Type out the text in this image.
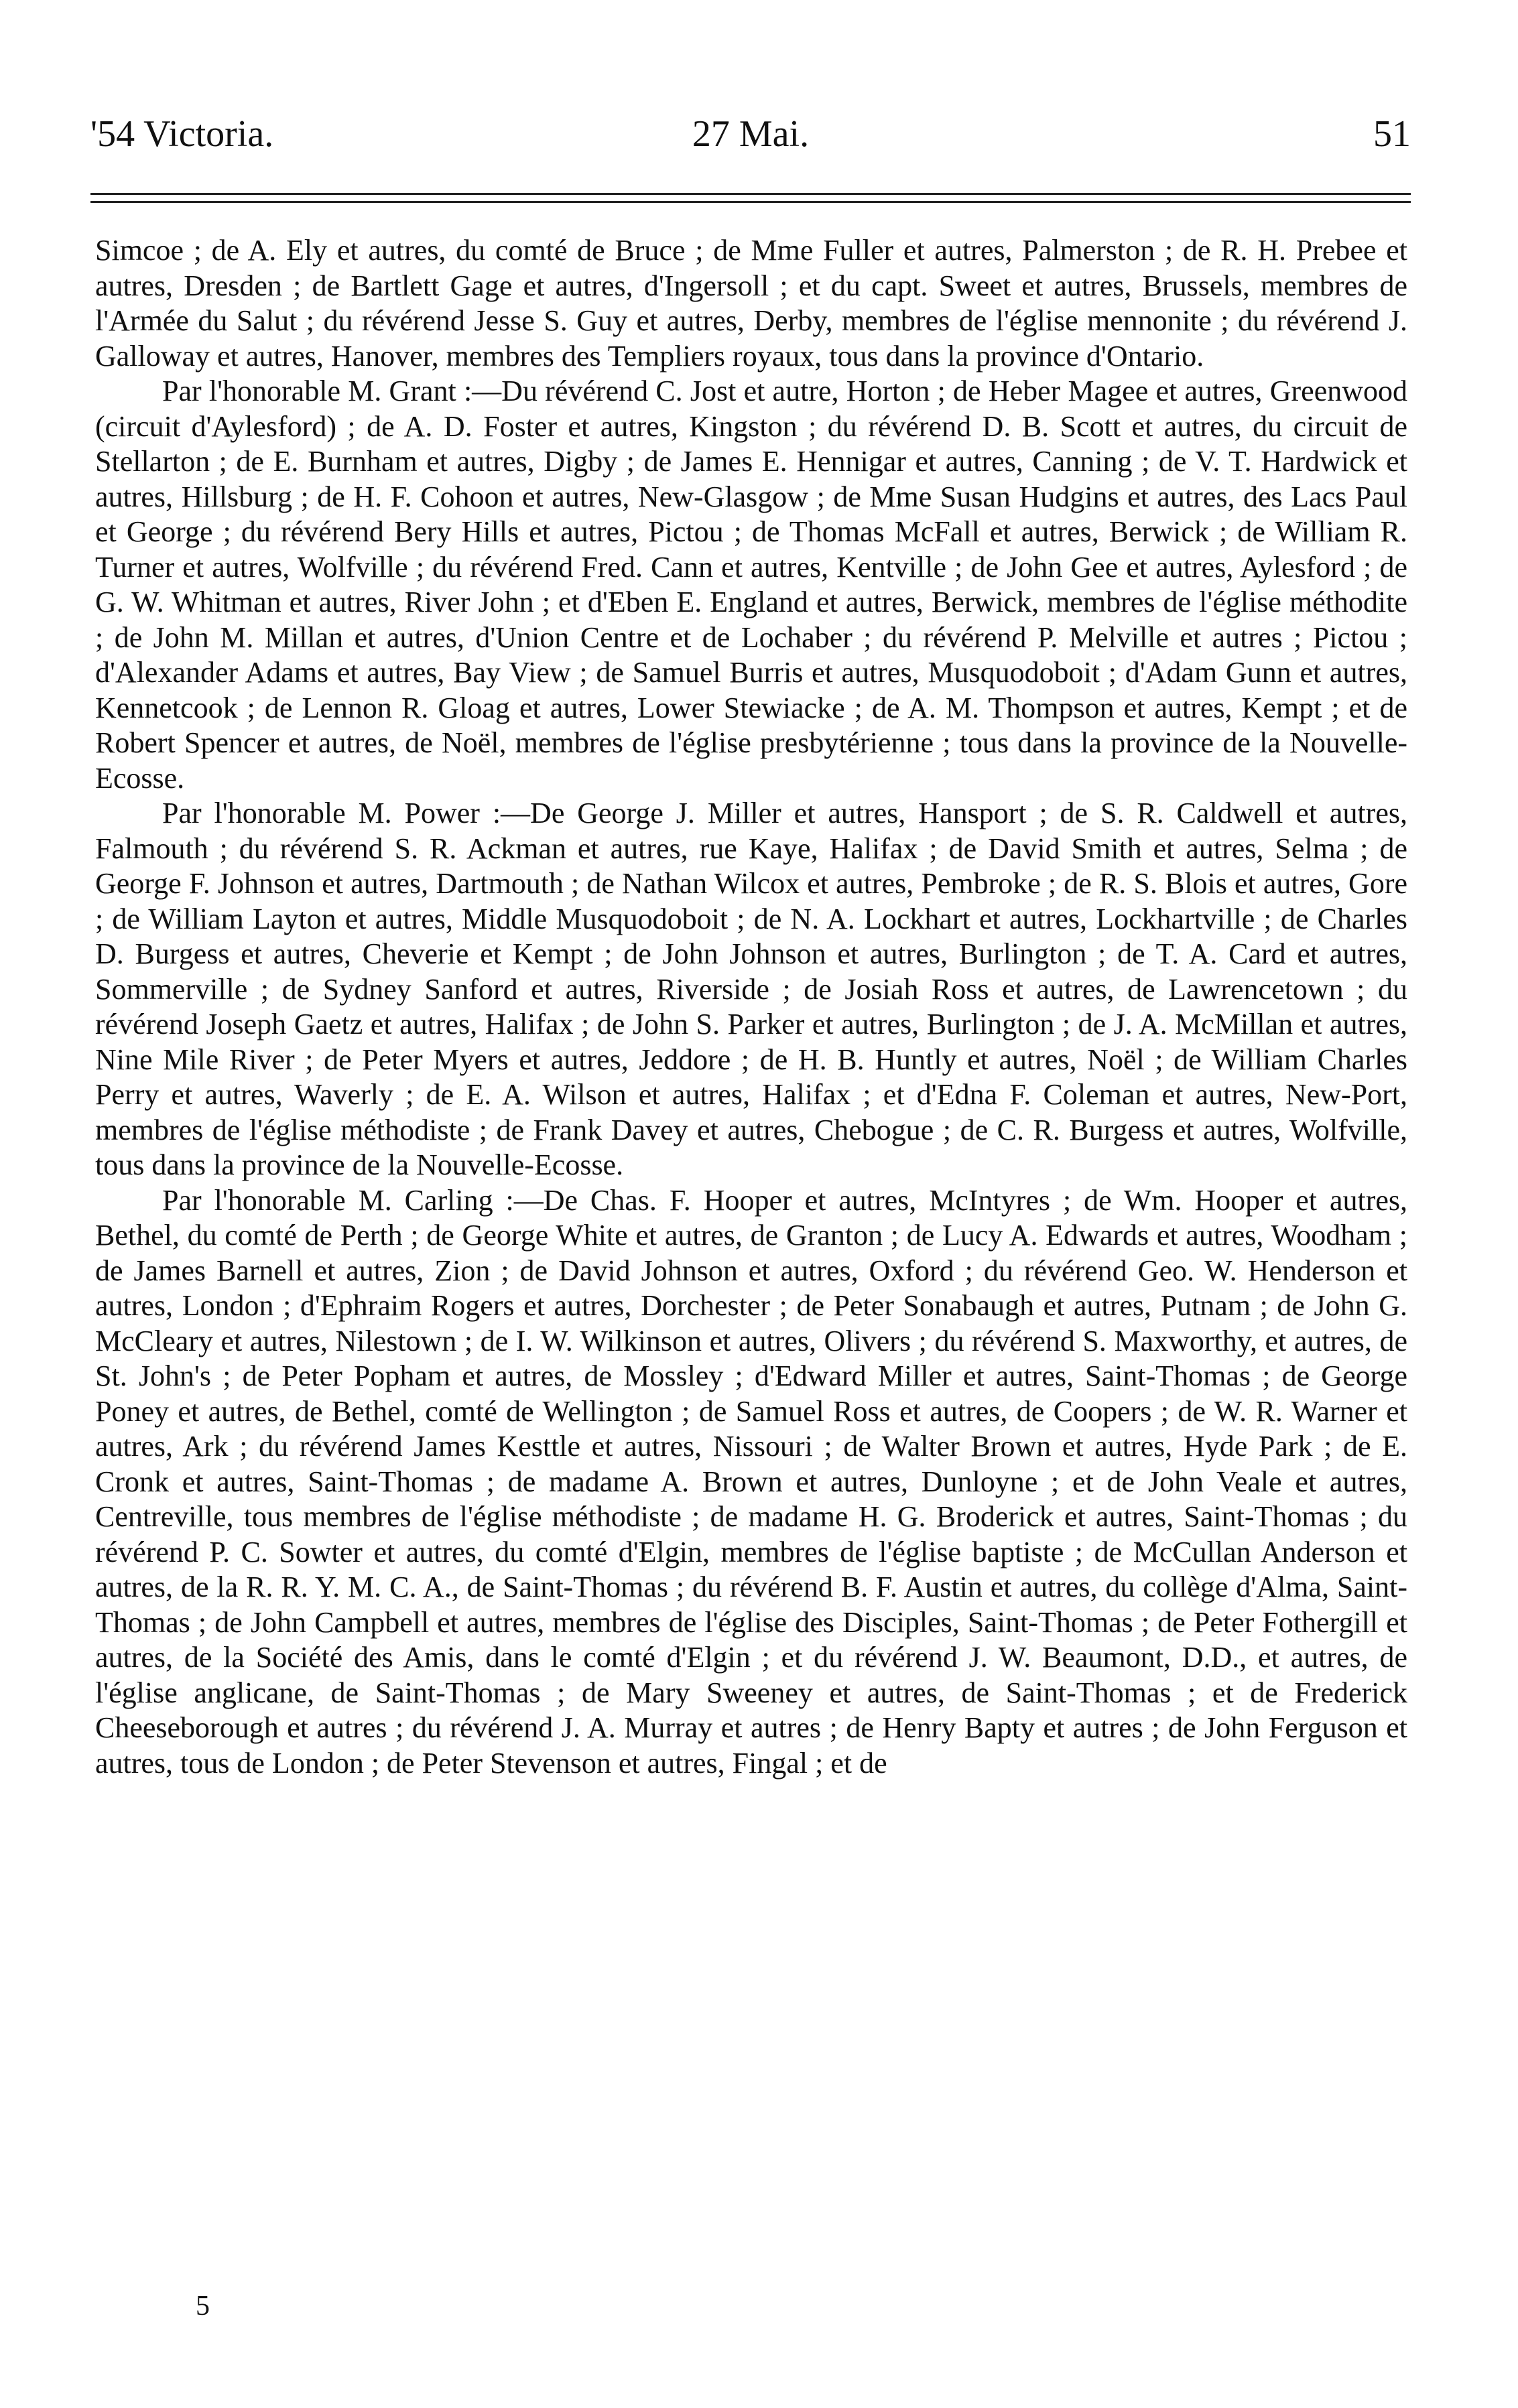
'54 Victoria.	27 Mai.	51

Simcoe ; de A. Ely et autres, du comté de Bruce ; de Mme Fuller et autres, Palmerston ; de R. H. Prebee et autres, Dresden ; de Bartlett Gage et autres, d'Ingersoll ; et du capt. Sweet et autres, Brussels, membres de l'Armée du Salut ; du révérend Jesse S. Guy et autres, Derby, membres de l'église mennonite ; du révérend J. Galloway et autres, Hanover, membres des Templiers royaux, tous dans la province d'Ontario.

Par l'honorable M. Grant :—Du révérend C. Jost et autre, Horton ; de Heber Magee et autres, Greenwood (circuit d'Aylesford) ; de A. D. Foster et autres, Kingston ; du révérend D. B. Scott et autres, du circuit de Stellarton ; de E. Burnham et autres, Digby ; de James E. Hennigar et autres, Canning ; de V. T. Hardwick et autres, Hillsburg ; de H. F. Cohoon et autres, New-Glasgow ; de Mme Susan Hudgins et autres, des Lacs Paul et George ; du révérend Bery Hills et autres, Pictou ; de Thomas McFall et autres, Berwick ; de William R. Turner et autres, Wolfville ; du révérend Fred. Cann et autres, Kentville ; de John Gee et autres, Aylesford ; de G. W. Whitman et autres, River John ; et d'Eben E. England et autres, Berwick, membres de l'église méthodite ; de John M. Millan et autres, d'Union Centre et de Lochaber ; du révérend P. Melville et autres ; Pictou ; d'Alexander Adams et autres, Bay View ; de Samuel Burris et autres, Musquodoboit ; d'Adam Gunn et autres, Kennetcook ; de Lennon R. Gloag et autres, Lower Stewiacke ; de A. M. Thompson et autres, Kempt ; et de Robert Spencer et autres, de Noël, membres de l'église presbytérienne ; tous dans la province de la Nouvelle-Ecosse.

Par l'honorable M. Power :—De George J. Miller et autres, Hansport ; de S. R. Caldwell et autres, Falmouth ; du révérend S. R. Ackman et autres, rue Kaye, Halifax ; de David Smith et autres, Selma ; de George F. Johnson et autres, Dartmouth ; de Nathan Wilcox et autres, Pembroke ; de R. S. Blois et autres, Gore ; de William Layton et autres, Middle Musquodoboit ; de N. A. Lockhart et autres, Lockhartville ; de Charles D. Burgess et autres, Cheverie et Kempt ; de John Johnson et autres, Burlington ; de T. A. Card et autres, Sommerville ; de Sydney Sanford et autres, Riverside ; de Josiah Ross et autres, de Lawrencetown ; du révérend Joseph Gaetz et autres, Halifax ; de John S. Parker et autres, Burlington ; de J. A. McMillan et autres, Nine Mile River ; de Peter Myers et autres, Jeddore ; de H. B. Huntly et autres, Noël ; de William Charles Perry et autres, Waverly ; de E. A. Wilson et autres, Halifax ; et d'Edna F. Coleman et autres, New-Port, membres de l'église méthodiste ; de Frank Davey et autres, Chebogue ; de C. R. Burgess et autres, Wolfville, tous dans la province de la Nouvelle-Ecosse.

Par l'honorable M. Carling :—De Chas. F. Hooper et autres, McIntyres ; de Wm. Hooper et autres, Bethel, du comté de Perth ; de George White et autres, de Granton ; de Lucy A. Edwards et autres, Woodham ; de James Barnell et autres, Zion ; de David Johnson et autres, Oxford ; du révérend Geo. W. Henderson et autres, London ; d'Ephraim Rogers et autres, Dorchester ; de Peter Sonabaugh et autres, Putnam ; de John G. McCleary et autres, Nilestown ; de I. W. Wilkinson et autres, Olivers ; du révérend S. Maxworthy, et autres, de St. John's ; de Peter Popham et autres, de Mossley ; d'Edward Miller et autres, Saint-Thomas ; de George Poney et autres, de Bethel, comté de Wellington ; de Samuel Ross et autres, de Coopers ; de W. R. Warner et autres, Ark ; du révérend James Kesttle et autres, Nissouri ; de Walter Brown et autres, Hyde Park ; de E. Cronk et autres, Saint-Thomas ; de madame A. Brown et autres, Dunloyne ; et de John Veale et autres, Centreville, tous membres de l'église méthodiste ; de madame H. G. Broderick et autres, Saint-Thomas ; du révérend P. C. Sowter et autres, du comté d'Elgin, membres de l'église baptiste ; de McCullan Anderson et autres, de la R. R. Y. M. C. A., de Saint-Thomas ; du révérend B. F. Austin et autres, du collège d'Alma, Saint-Thomas ; de John Campbell et autres, membres de l'église des Disciples, Saint-Thomas ; de Peter Fothergill et autres, de la Société des Amis, dans le comté d'Elgin ; et du révérend J. W. Beaumont, D.D., et autres, de l'église anglicane, de Saint-Thomas ; de Mary Sweeney et autres, de Saint-Thomas ; et de Frederick Cheeseborough et autres ; du révérend J. A. Murray et autres ; de Henry Bapty et autres ; de John Ferguson et autres, tous de London ; de Peter Stevenson et autres, Fingal ; et de

5
